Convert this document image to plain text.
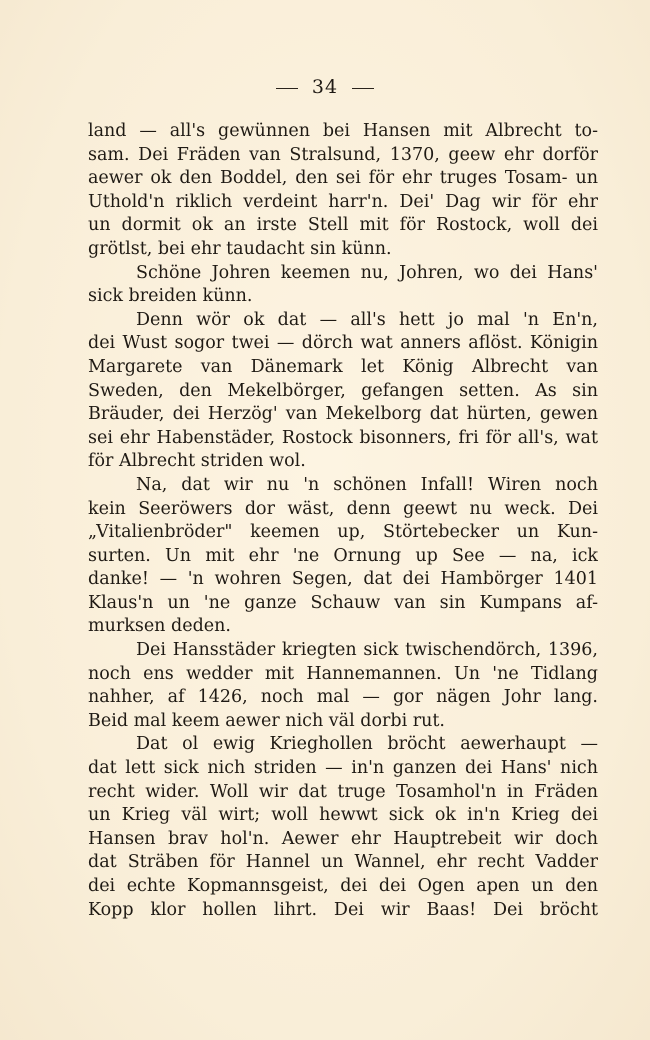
34
land — all's gewünnen bei Hansen mit Albrecht to-
sam. Dei Fräden van Stralsund, 1370, geew ehr dorför
aewer ok den Boddel, den sei för ehr truges Tosam- un
Uthold'n riklich verdeint harr'n. Dei' Dag wir för ehr
un dormit ok an irste Stell mit för Rostock, woll dei
grötlst, bei ehr taudacht sin künn.
Schöne Johren keemen nu, Johren, wo dei Hans'
sick breiden künn.
Denn wör ok dat — all's hett jo mal 'n En'n,
dei Wust sogor twei — dörch wat anners aflöst. Königin
Margarete van Dänemark let König Albrecht van
Sweden, den Mekelbörger, gefangen setten. As sin
Bräuder, dei Herzög' van Mekelborg dat hürten, gewen
sei ehr Habenstäder, Rostock bisonners, fri för all's, wat
för Albrecht striden wol.
Na, dat wir nu 'n schönen Infall! Wiren noch
kein Seeröwers dor wäst, denn geewt nu weck. Dei
„Vitalienbröder" keemen up, Störtebecker un Kun-
surten. Un mit ehr 'ne Ornung up See — na, ick
danke! — 'n wohren Segen, dat dei Hambörger 1401
Klaus'n un 'ne ganze Schauw van sin Kumpans af-
murksen deden.
Dei Hansstäder kriegten sick twischendörch, 1396,
noch ens wedder mit Hannemannen. Un 'ne Tidlang
nahher, af 1426, noch mal — gor nägen Johr lang.
Beid mal keem aewer nich väl dorbi rut.
Dat ol ewig Krieghollen bröcht aewerhaupt —
dat lett sick nich striden — in'n ganzen dei Hans' nich
recht wider. Woll wir dat truge Tosamhol'n in Fräden
un Krieg väl wirt; woll hewwt sick ok in'n Krieg dei
Hansen brav hol'n. Aewer ehr Hauptrebeit wir doch
dat Sträben för Hannel un Wannel, ehr recht Vadder
dei echte Kopmannsgeist, dei dei Ogen apen un den
Kopp klor hollen lihrt. Dei wir Baas! Dei bröcht
